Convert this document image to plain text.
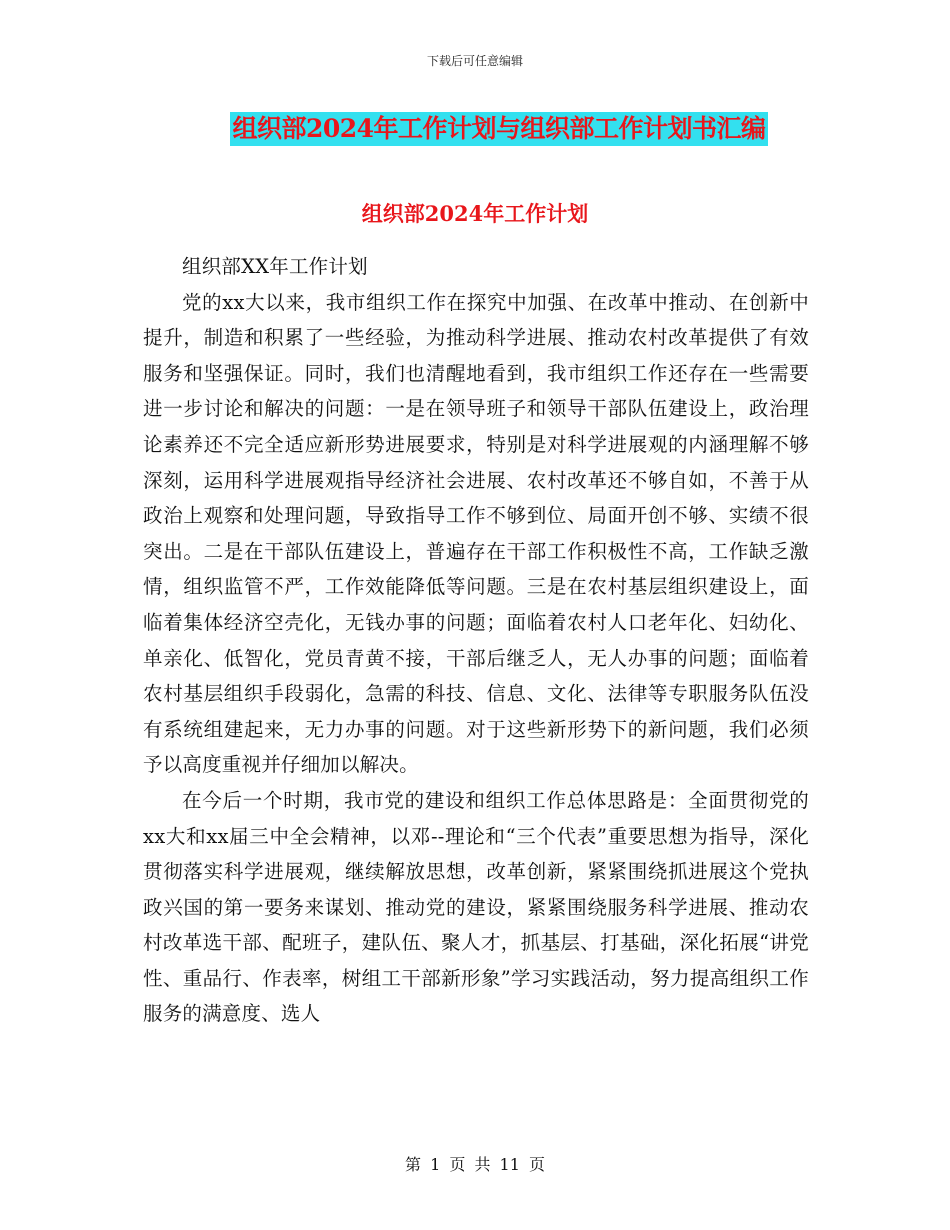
下载后可任意编辑
组织部2024年工作计划与组织部工作计划书汇编
组织部2024年工作计划

组织部XX年工作计划

党的xx大以来，我市组织工作在探究中加强、在改革中推动、在创新中提升，制造和积累了一些经验，为推动科学进展、推动农村改革提供了有效服务和坚强保证。同时，我们也清醒地看到，我市组织工作还存在一些需要进一步讨论和解决的问题：一是在领导班子和领导干部队伍建设上，政治理论素养还不完全适应新形势进展要求，特别是对科学进展观的内涵理解不够深刻，运用科学进展观指导经济社会进展、农村改革还不够自如，不善于从政治上观察和处理问题，导致指导工作不够到位、局面开创不够、实绩不很突出。二是在干部队伍建设上，普遍存在干部工作积极性不高，工作缺乏激情，组织监管不严，工作效能降低等问题。三是在农村基层组织建设上，面临着集体经济空壳化，无钱办事的问题；面临着农村人口老年化、妇幼化、单亲化、低智化，党员青黄不接，干部后继乏人，无人办事的问题；面临着农村基层组织手段弱化，急需的科技、信息、文化、法律等专职服务队伍没有系统组建起来，无力办事的问题。对于这些新形势下的新问题，我们必须予以高度重视并仔细加以解决。

在今后一个时期，我市党的建设和组织工作总体思路是：全面贯彻党的xx大和xx届三中全会精神，以邓--理论和“三个代表”重要思想为指导，深化贯彻落实科学进展观，继续解放思想，改革创新，紧紧围绕抓进展这个党执政兴国的第一要务来谋划、推动党的建设，紧紧围绕服务科学进展、推动农村改革选干部、配班子，建队伍、聚人才，抓基层、打基础，深化拓展“讲党性、重品行、作表率，树组工干部新形象”学习实践活动，努力提高组织工作服务的满意度、选人

第 1 页 共 11 页
